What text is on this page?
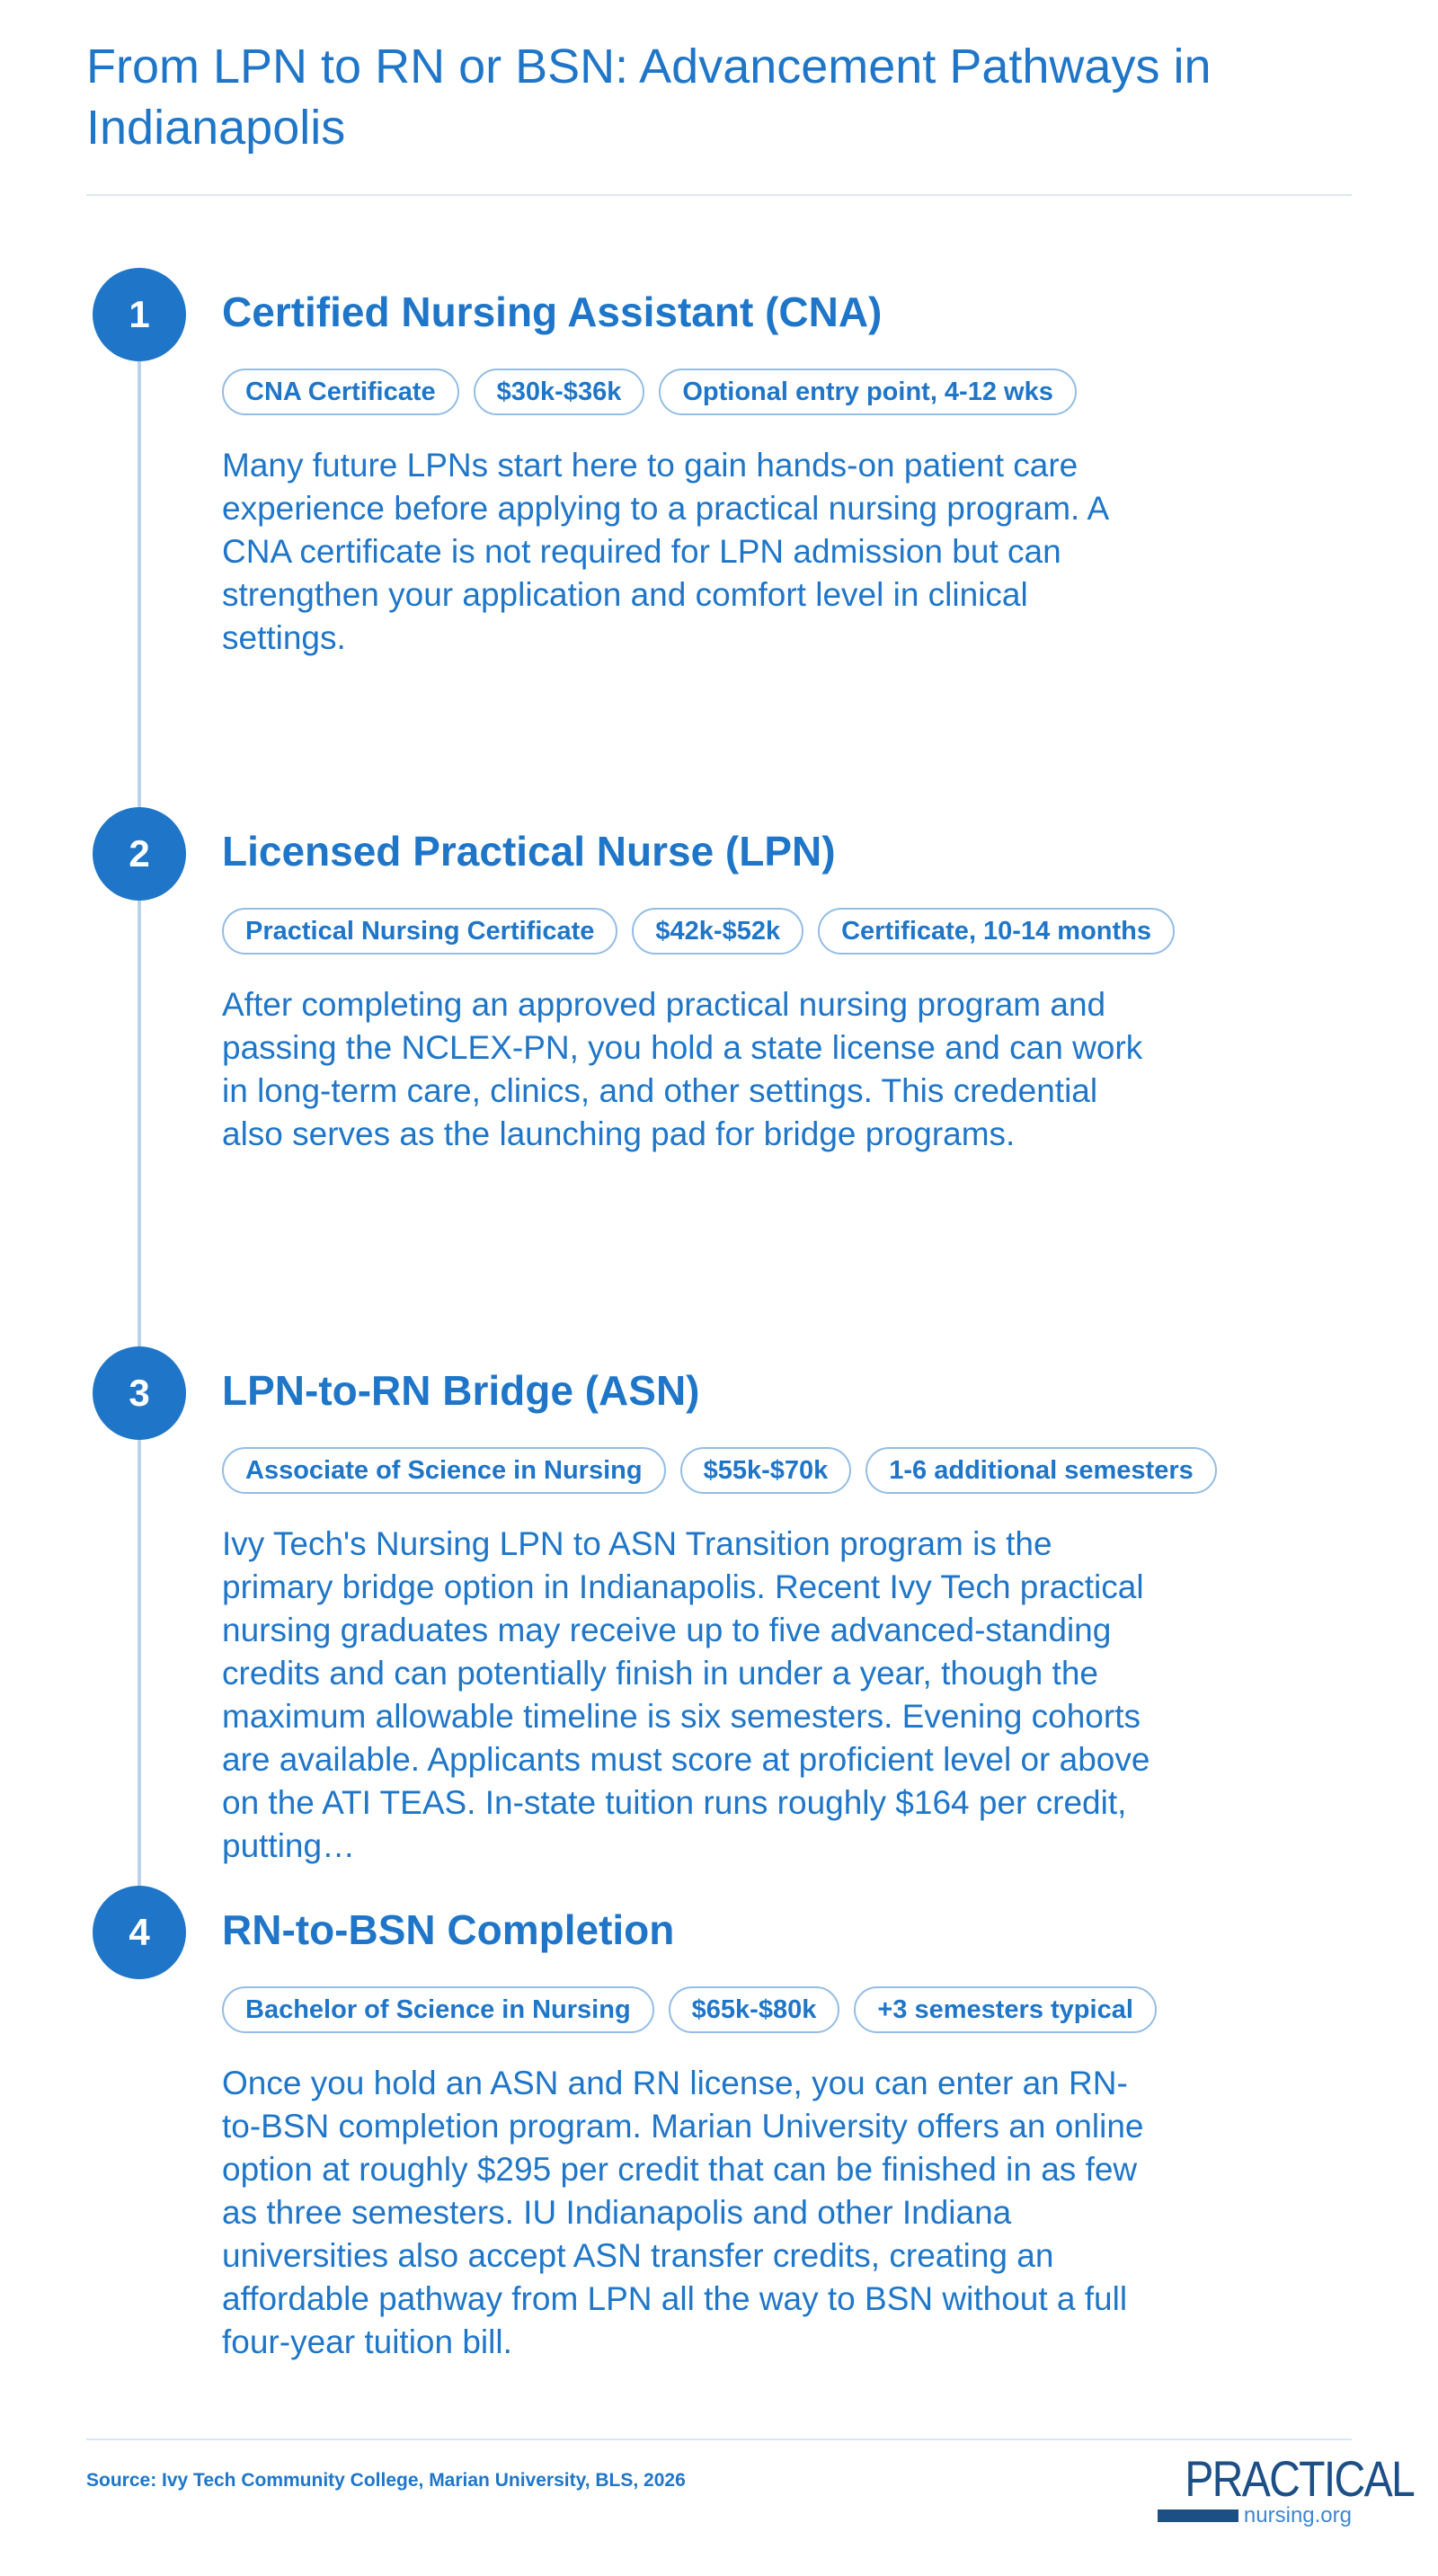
From LPN to RN or BSN: Advancement Pathways in Indianapolis
1	Certified Nursing Assistant (CNA)
CNA Certificate	$30k-$36k	Optional entry point, 4-12 wks

Many future LPNs start here to gain hands-on patient care experience before applying to a practical nursing program. A CNA certificate is not required for LPN admission but can strengthen your application and comfort level in clinical settings.

2	Licensed Practical Nurse (LPN)
Practical Nursing Certificate	$42k-$52k	Certificate, 10-14 months

After completing an approved practical nursing program and passing the NCLEX-PN, you hold a state license and can work in long-term care, clinics, and other settings. This credential also serves as the launching pad for bridge programs.

3	LPN-to-RN Bridge (ASN)
Associate of Science in Nursing	$55k-$70k	1-6 additional semesters

Ivy Tech's Nursing LPN to ASN Transition program is the primary bridge option in Indianapolis. Recent Ivy Tech practical nursing graduates may receive up to five advanced-standing credits and can potentially finish in under a year, though the maximum allowable timeline is six semesters. Evening cohorts are available. Applicants must score at proficient level or above on the ATI TEAS. In-state tuition runs roughly $164 per credit, putting…

4	RN-to-BSN Completion
Bachelor of Science in Nursing	$65k-$80k	+3 semesters typical

Once you hold an ASN and RN license, you can enter an RN-to-BSN completion program. Marian University offers an online option at roughly $295 per credit that can be finished in as few as three semesters. IU Indianapolis and other Indiana universities also accept ASN transfer credits, creating an affordable pathway from LPN all the way to BSN without a full four-year tuition bill.

Source: Ivy Tech Community College, Marian University, BLS, 2026	PRACTICAL
nursing.org
